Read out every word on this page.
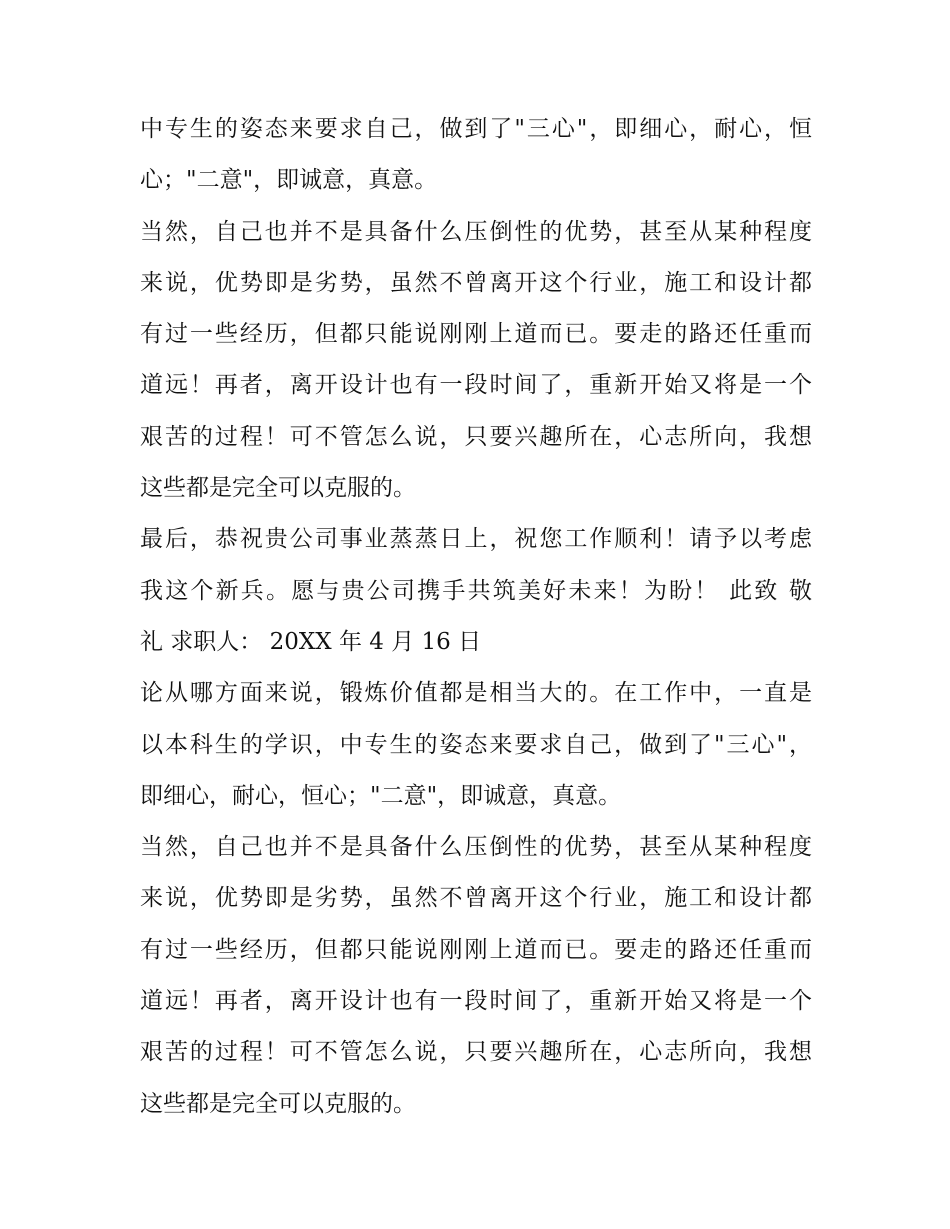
中专生的姿态来要求自己，做到了"三心"，即细心，耐心，恒
心；"二意"，即诚意，真意。
当然，自己也并不是具备什么压倒性的优势，甚至从某种程度
来说，优势即是劣势，虽然不曾离开这个行业，施工和设计都
有过一些经历，但都只能说刚刚上道而已。要走的路还任重而
道远！再者，离开设计也有一段时间了，重新开始又将是一个
艰苦的过程！可不管怎么说，只要兴趣所在，心志所向，我想
这些都是完全可以克服的。
最后，恭祝贵公司事业蒸蒸日上，祝您工作顺利！请予以考虑
我这个新兵。愿与贵公司携手共筑美好未来！为盼！ 此致 敬
礼 求职人： 20XX 年 4 月 16 日
论从哪方面来说，锻炼价值都是相当大的。在工作中，一直是
以本科生的学识，中专生的姿态来要求自己，做到了"三心"，
即细心，耐心，恒心；"二意"，即诚意，真意。
当然，自己也并不是具备什么压倒性的优势，甚至从某种程度
来说，优势即是劣势，虽然不曾离开这个行业，施工和设计都
有过一些经历，但都只能说刚刚上道而已。要走的路还任重而
道远！再者，离开设计也有一段时间了，重新开始又将是一个
艰苦的过程！可不管怎么说，只要兴趣所在，心志所向，我想
这些都是完全可以克服的。
